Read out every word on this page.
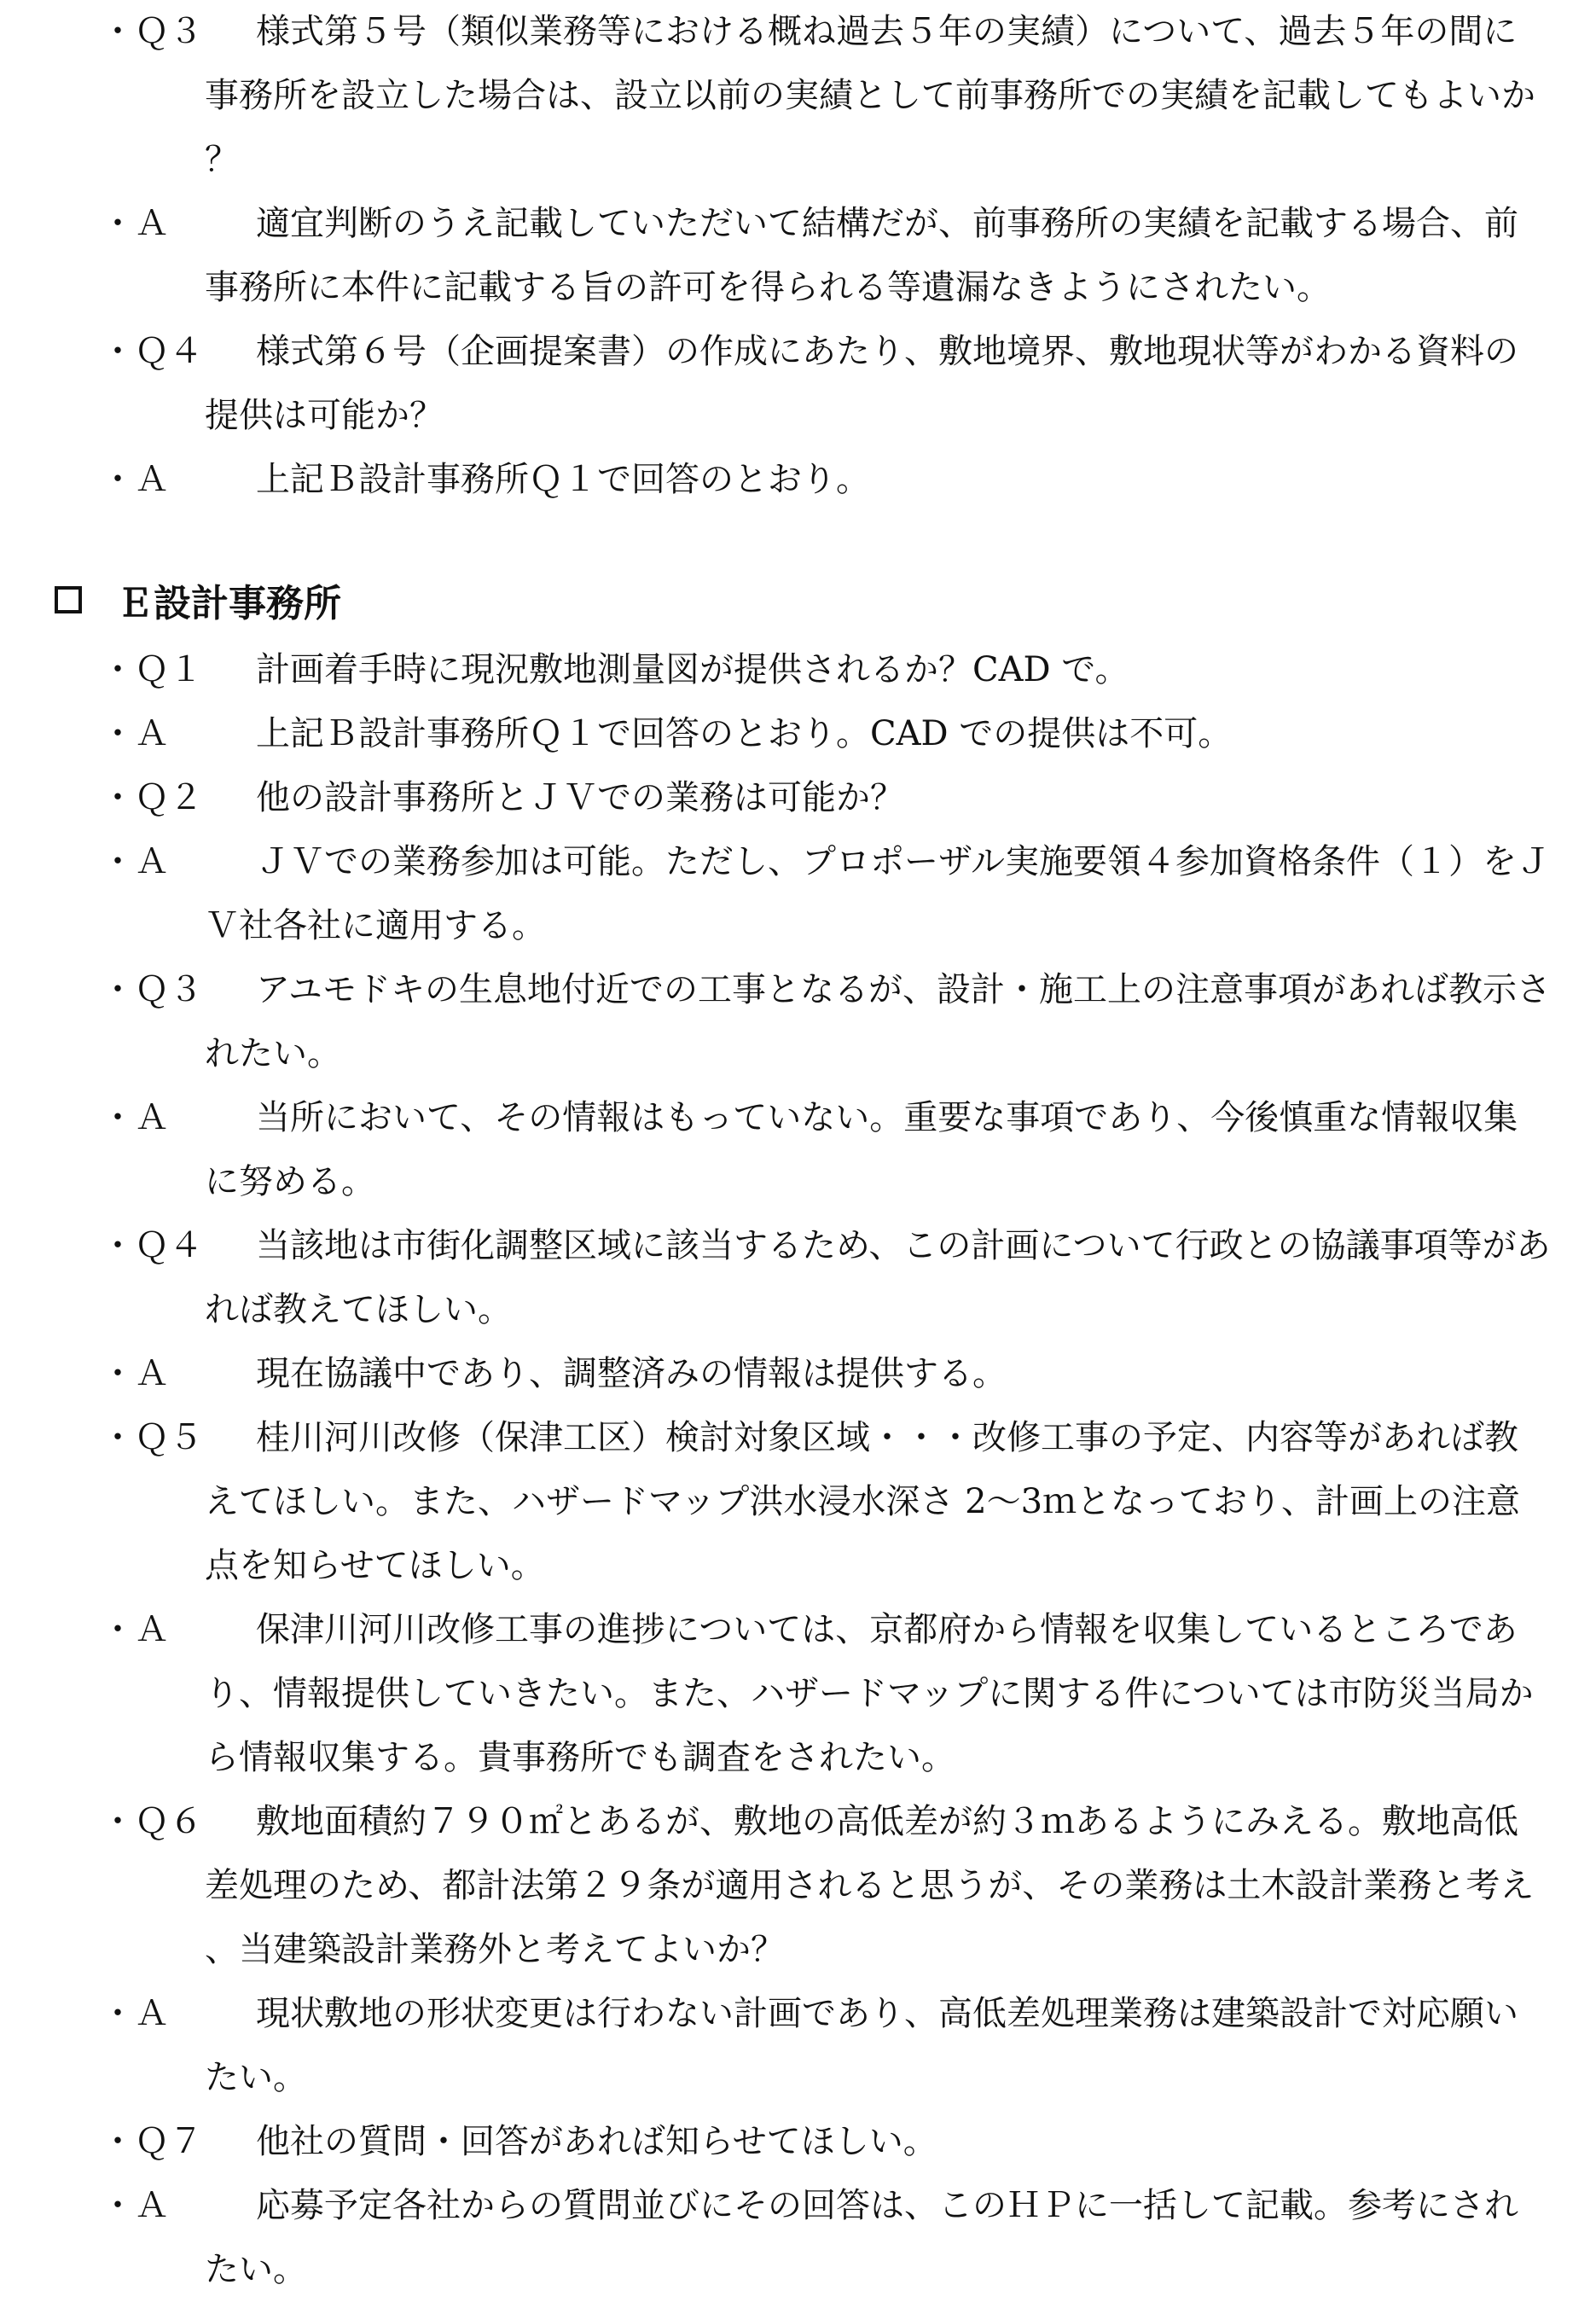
・Ｑ３	様式第５号（類似業務等における概ね過去５年の実績）について、過去５年の間に事務所を設立した場合は、設立以前の実績として前事務所での実績を記載してもよいか？
・Ａ	適宜判断のうえ記載していただいて結構だが、前事務所の実績を記載する場合、前事務所に本件に記載する旨の許可を得られる等遺漏なきようにされたい。
・Ｑ４	様式第６号（企画提案書）の作成にあたり、敷地境界、敷地現状等がわかる資料の提供は可能か？
・Ａ	上記Ｂ設計事務所Ｑ１で回答のとおり。
Ｅ設計事務所
・Ｑ１	計画着手時に現況敷地測量図が提供されるか？CAD で。
・Ａ	上記Ｂ設計事務所Ｑ１で回答のとおり。CAD での提供は不可。
・Ｑ２	他の設計事務所とＪＶでの業務は可能か？
・Ａ	ＪＶでの業務参加は可能。ただし、プロポーザル実施要領４参加資格条件（１）をＪＶ社各社に適用する。
・Ｑ３	アユモドキの生息地付近での工事となるが、設計・施工上の注意事項があれば教示されたい。
・Ａ	当所において、その情報はもっていない。重要な事項であり、今後慎重な情報収集に努める。
・Ｑ４	当該地は市街化調整区域に該当するため、この計画について行政との協議事項等があれば教えてほしい。
・Ａ	現在協議中であり、調整済みの情報は提供する。
・Ｑ５	桂川河川改修（保津工区）検討対象区域・・・改修工事の予定、内容等があれば教えてほしい。また、ハザードマップ洪水浸水深さ 2～3ｍとなっており、計画上の注意点を知らせてほしい。
・Ａ	保津川河川改修工事の進捗については、京都府から情報を収集しているところであり、情報提供していきたい。また、ハザードマップに関する件については市防災当局から情報収集する。貴事務所でも調査をされたい。
・Ｑ６	敷地面積約７９０㎡とあるが、敷地の高低差が約３ｍあるようにみえる。敷地高低差処理のため、都計法第２９条が適用されると思うが、その業務は土木設計業務と考え、当建築設計業務外と考えてよいか？
・Ａ	現状敷地の形状変更は行わない計画であり、高低差処理業務は建築設計で対応願いたい。
・Ｑ７	他社の質問・回答があれば知らせてほしい。
・Ａ	応募予定各社からの質問並びにその回答は、このＨＰに一括して記載。参考にされたい。
